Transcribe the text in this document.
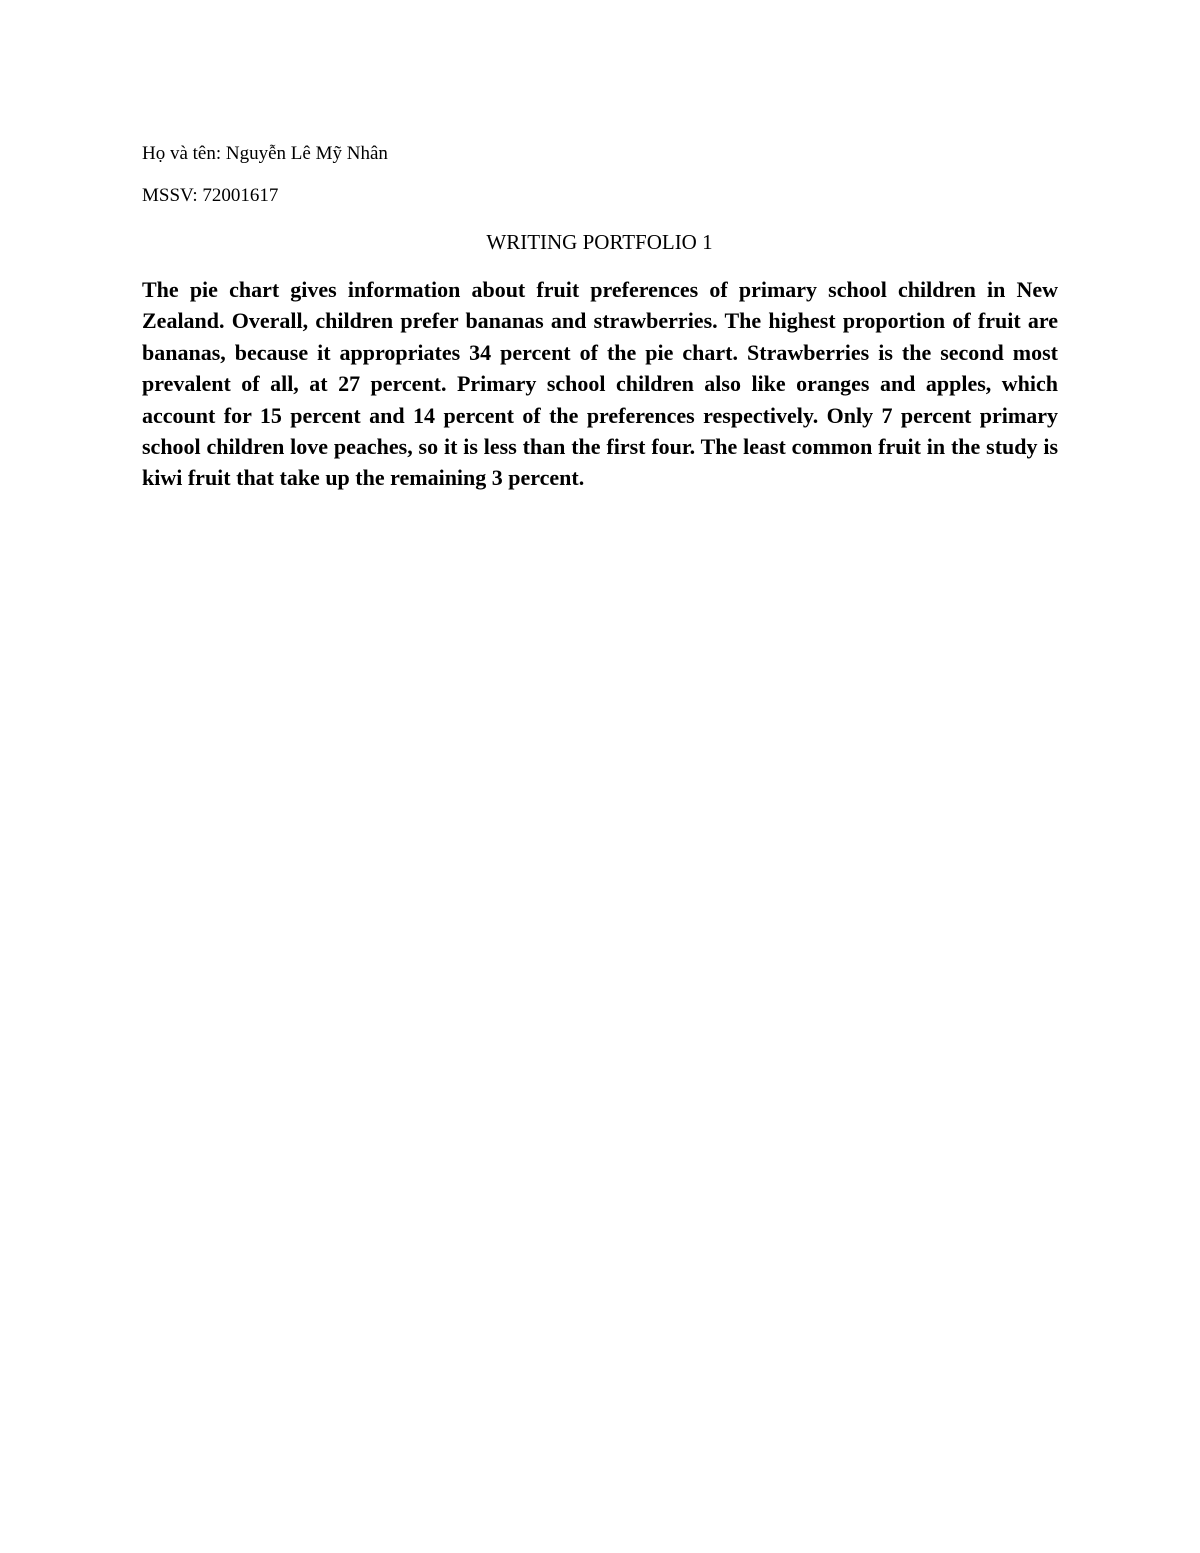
Họ và tên: Nguyễn Lê Mỹ Nhân
MSSV: 72001617
WRITING PORTFOLIO 1

The pie chart gives information about fruit preferences of primary school children in New Zealand. Overall, children prefer bananas and strawberries. The highest proportion of fruit are bananas, because it appropriates 34 percent of the pie chart. Strawberries is the second most prevalent of all, at 27 percent. Primary school children also like oranges and apples, which account for 15 percent and 14 percent of the preferences respectively. Only 7 percent primary school children love peaches, so it is less than the first four. The least common fruit in the study is kiwi fruit that take up the remaining 3 percent.
